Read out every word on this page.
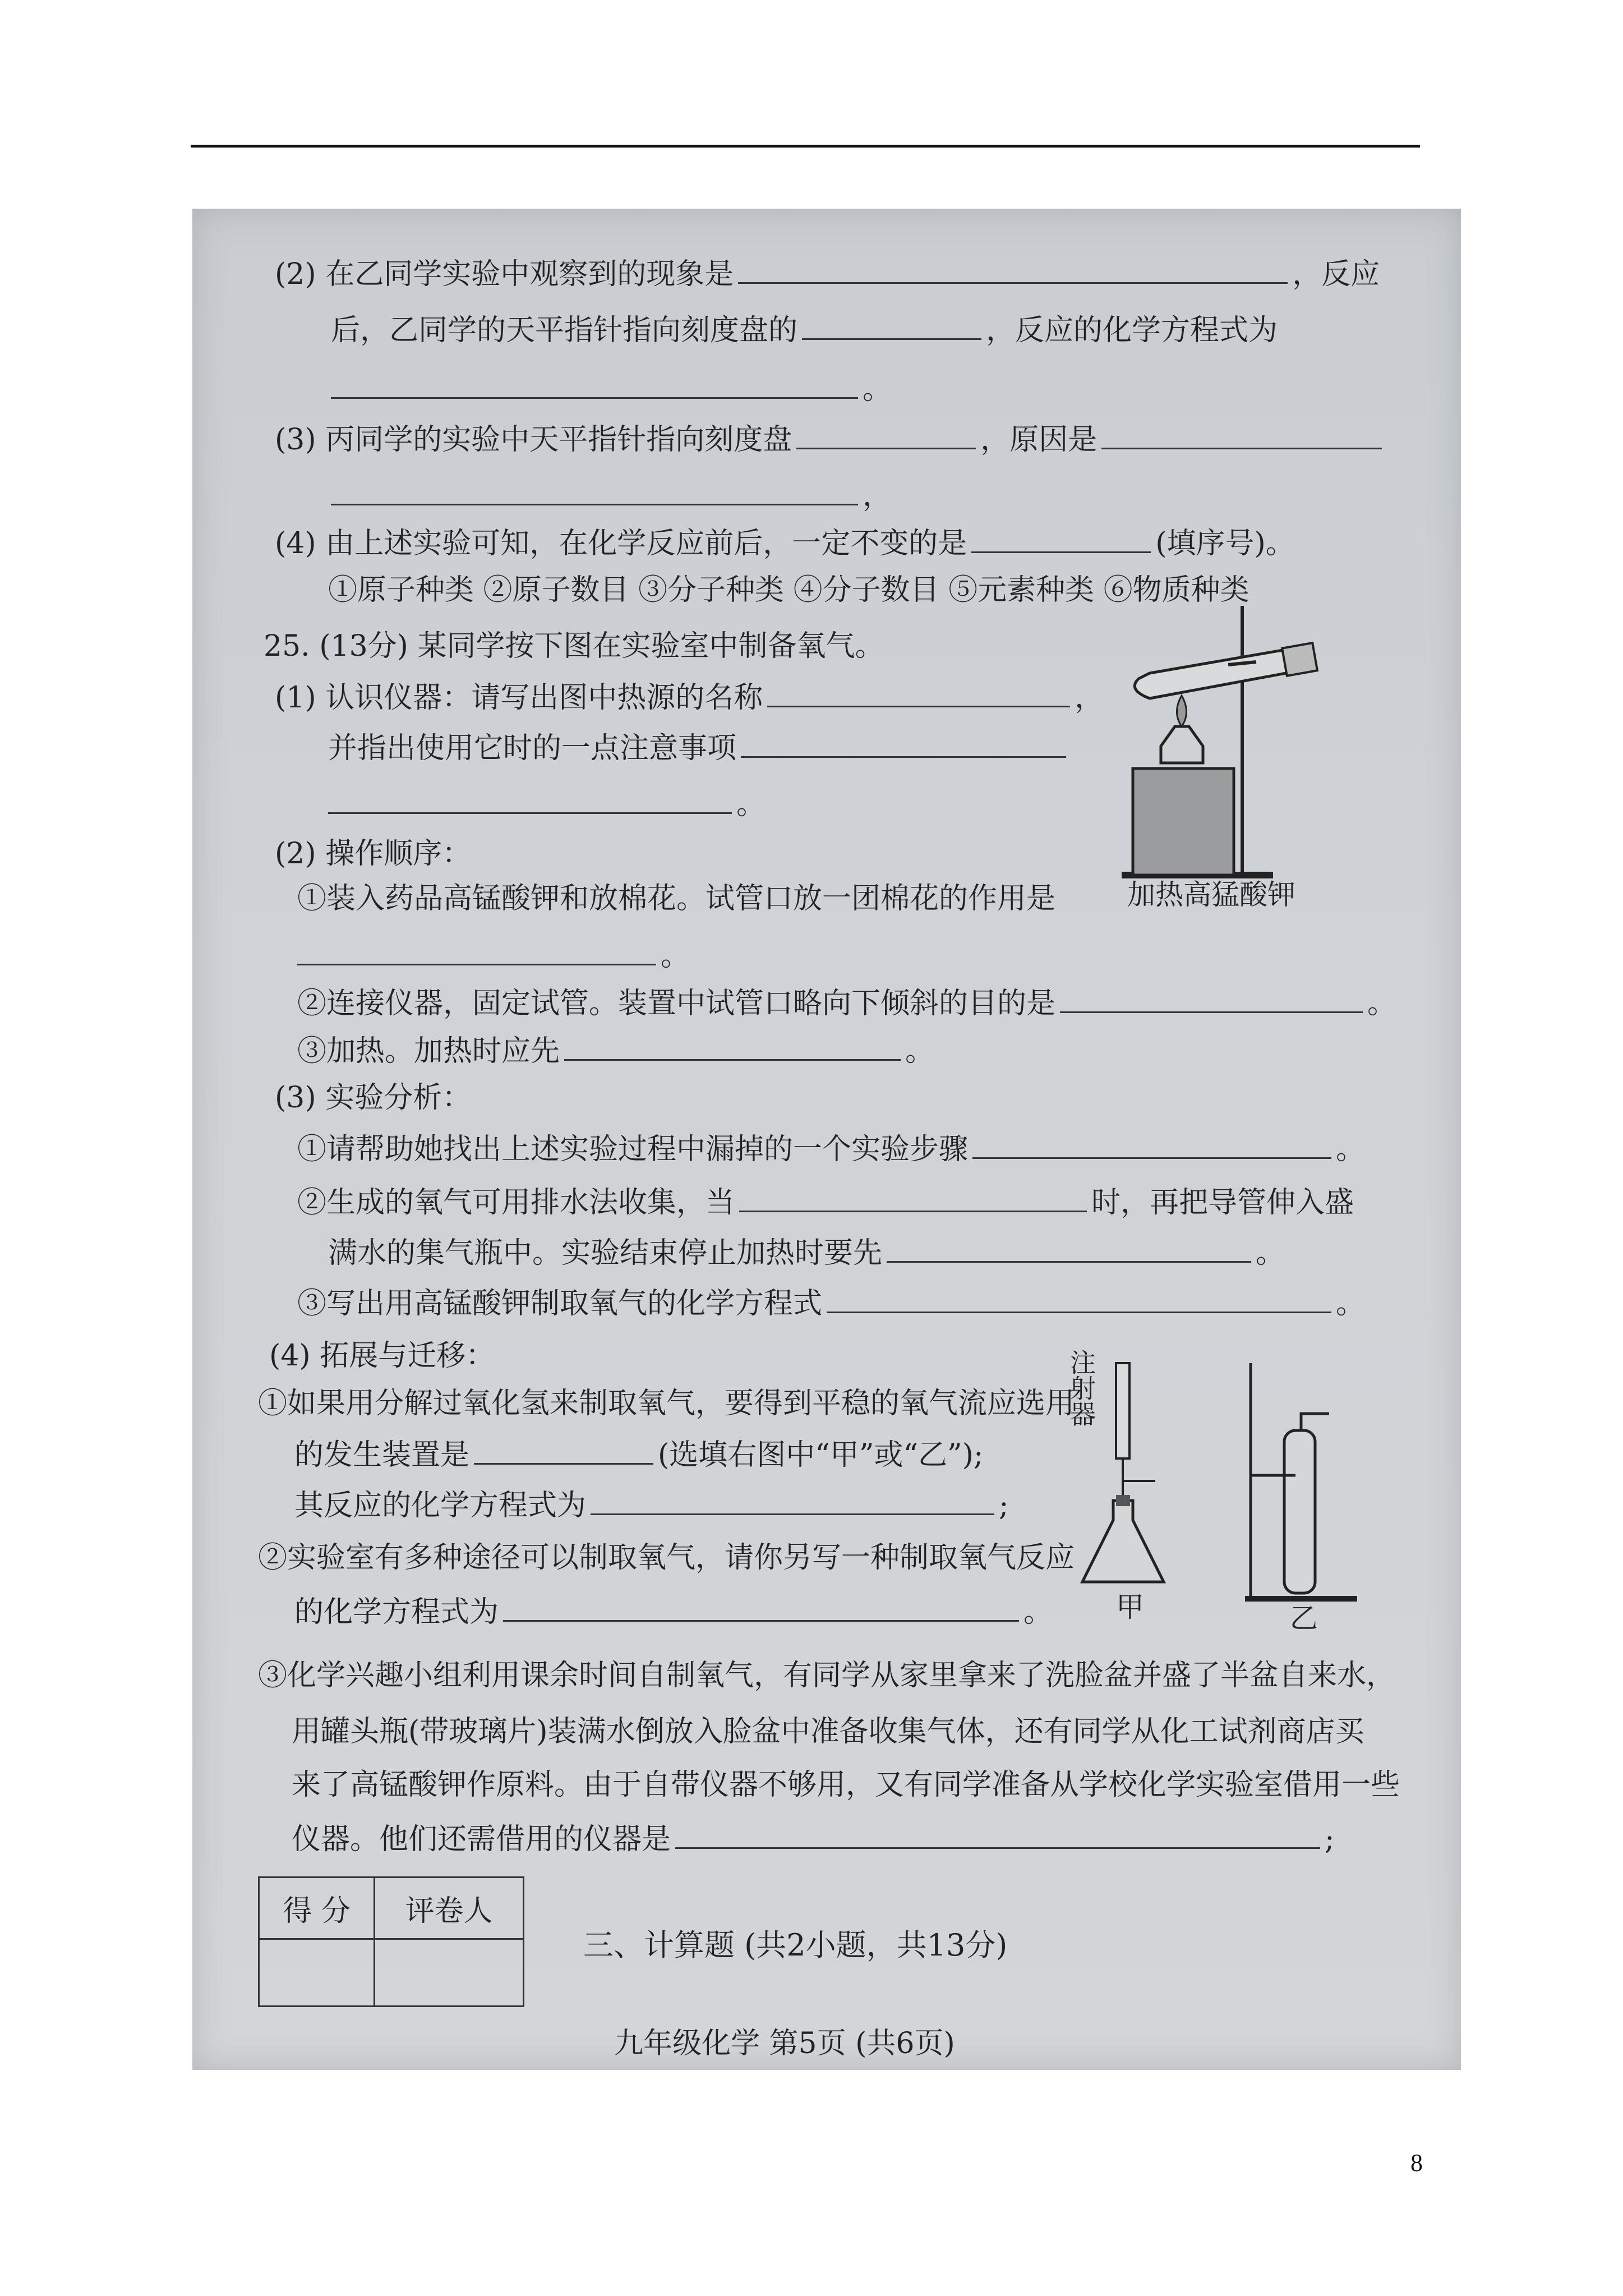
(2) 在乙同学实验中观察到的现象是	，反应
后，乙同学的天平指针指向刻度盘的	，反应的化学方程式为
。
(3) 丙同学的实验中天平指针指向刻度盘	，原因是
，
(4) 由上述实验可知，在化学反应前后，一定不变的是	(填序号)。
①原子种类 ②原子数目 ③分子种类 ④分子数目 ⑤元素种类 ⑥物质种类
25. (13分) 某同学按下图在实验室中制备氧气。
(1) 认识仪器：请写出图中热源的名称	，
并指出使用它时的一点注意事项
。
(2) 操作顺序：
①装入药品高锰酸钾和放棉花。试管口放一团棉花的作用是
。
②连接仪器，固定试管。装置中试管口略向下倾斜的目的是	。
③加热。加热时应先	。
(3) 实验分析：
①请帮助她找出上述实验过程中漏掉的一个实验步骤	。
②生成的氧气可用排水法收集，当	时，再把导管伸入盛
满水的集气瓶中。实验结束停止加热时要先	。
③写出用高锰酸钾制取氧气的化学方程式	。
(4) 拓展与迁移：
①如果用分解过氧化氢来制取氧气，要得到平稳的氧气流应选用
的发生装置是	(选填右图中“甲”或“乙”);
其反应的化学方程式为	;
②实验室有多种途径可以制取氧气，请你另写一种制取氧气反应
的化学方程式为	。
③化学兴趣小组利用课余时间自制氧气，有同学从家里拿来了洗脸盆并盛了半盆自来水，
用罐头瓶(带玻璃片)装满水倒放入脸盆中准备收集气体，还有同学从化工试剂商店买
来了高锰酸钾作原料。由于自带仪器不够用，又有同学准备从学校化学实验室借用一些
仪器。他们还需借用的仪器是	;
加热高猛酸钾
注射器
甲	乙
得 分	评卷人

三、计算题 (共2小题，共13分)
九年级化学 第5页 (共6页)
8
